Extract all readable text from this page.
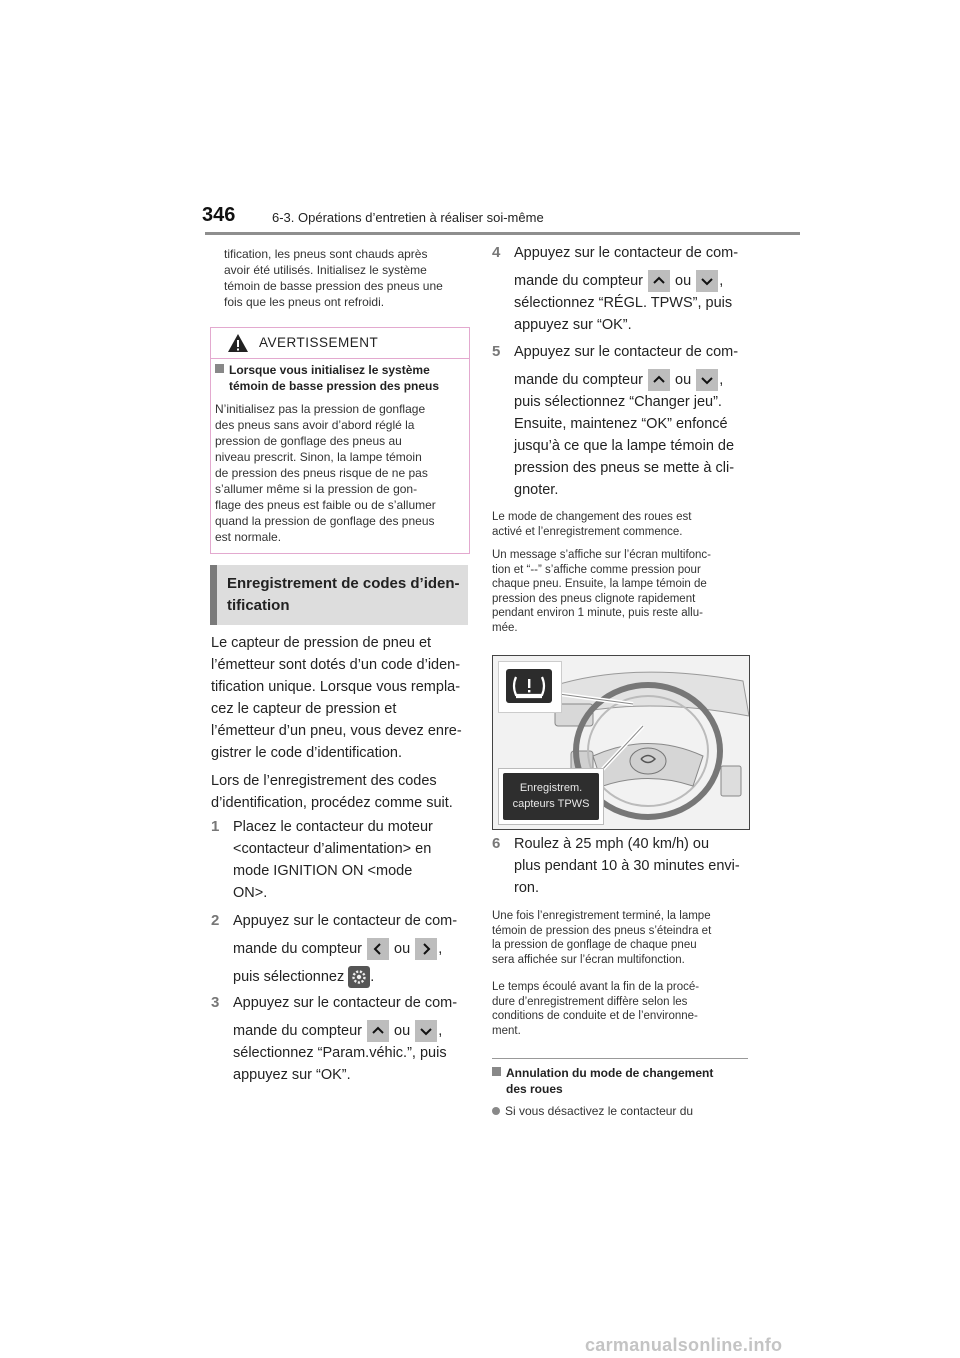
346	6-3. Opérations d’entretien à réaliser soi-même
tification, les pneus sont chauds après
avoir été utilisés. Initialisez le système
témoin de basse pression des pneus une
fois que les pneus ont refroidi.
AVERTISSEMENT
Lorsque vous initialisez le système
témoin de basse pression des pneus
N’initialisez pas la pression de gonflage
des pneus sans avoir d’abord réglé la
pression de gonflage des pneus au
niveau prescrit. Sinon, la lampe témoin
de pression des pneus risque de ne pas
s’allumer même si la pression de gon-
flage des pneus est faible ou de s’allumer
quand la pression de gonflage des pneus
est normale.
Enregistrement de codes d’iden-
tification
Le capteur de pression de pneu et
l’émetteur sont dotés d’un code d’iden-
tification unique. Lorsque vous rempla-
cez le capteur de pression et
l’émetteur d’un pneu, vous devez enre-
gistrer le code d’identification.
Lors de l’enregistrement des codes
d’identification, procédez comme suit.
1 Placez le contacteur du moteur
<contacteur d’alimentation> en
mode IGNITION ON <mode
ON>.
2 Appuyez sur le contacteur de com-
mande du compteur ou ,
puis sélectionnez .
3 Appuyez sur le contacteur de com-
mande du compteur ou ,
sélectionnez “Param.véhic.”, puis
appuyez sur “OK”.
4 Appuyez sur le contacteur de com-
mande du compteur ou ,
sélectionnez “RÉGL. TPWS”, puis
appuyez sur “OK”.
5 Appuyez sur le contacteur de com-
mande du compteur ou ,
puis sélectionnez “Changer jeu”.
Ensuite, maintenez “OK” enfoncé
jusqu’à ce que la lampe témoin de
pression des pneus se mette à cli-
gnoter.
Le mode de changement des roues est
activé et l’enregistrement commence.
Un message s’affiche sur l’écran multifonc-
tion et “--” s’affiche comme pression pour
chaque pneu. Ensuite, la lampe témoin de
pression des pneus clignote rapidement
pendant environ 1 minute, puis reste allu-
mée.
Enregistrem.
capteurs TPWS
6 Roulez à 25 mph (40 km/h) ou
plus pendant 10 à 30 minutes envi-
ron.
Une fois l’enregistrement terminé, la lampe
témoin de pression des pneus s’éteindra et
la pression de gonflage de chaque pneu
sera affichée sur l’écran multifonction.
Le temps écoulé avant la fin de la procé-
dure d’enregistrement diffère selon les
conditions de conduite et de l’environne-
ment.
Annulation du mode de changement
des roues
Si vous désactivez le contacteur du
carmanualsonline.info
